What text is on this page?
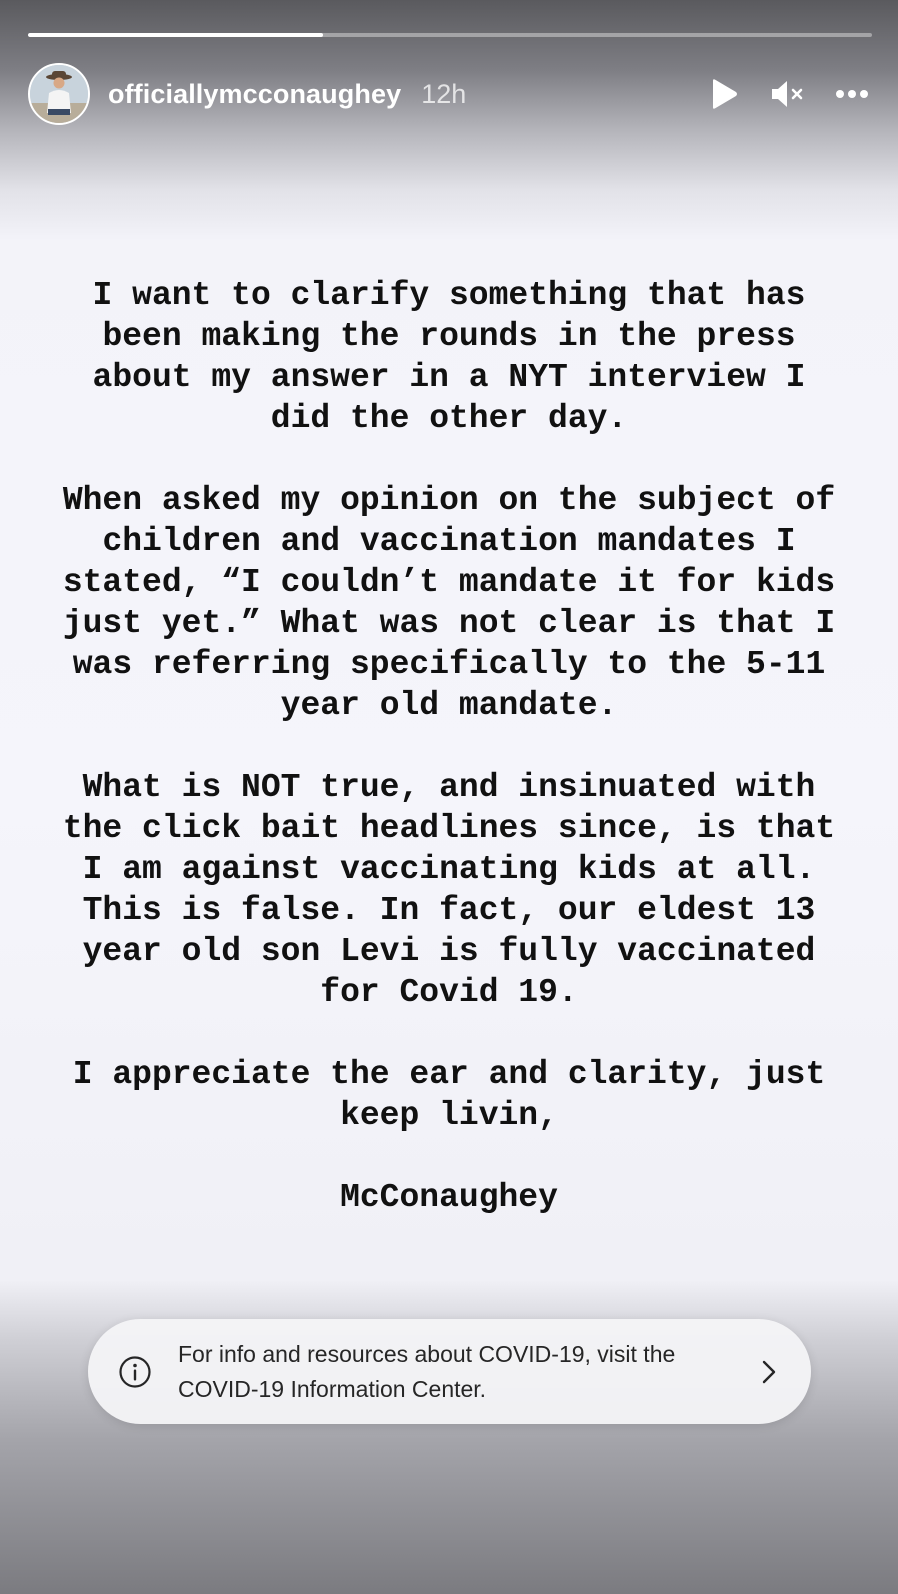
officiallymcconaughey 12h

I want to clarify something that has been making the rounds in the press about my answer in a NYT interview I did the other day.

When asked my opinion on the subject of children and vaccination mandates I stated, “I couldn’t mandate it for kids just yet.” What was not clear is that I was referring specifically to the 5-11 year old mandate.

What is NOT true, and insinuated with the click bait headlines since, is that I am against vaccinating kids at all. This is false. In fact, our eldest 13 year old son Levi is fully vaccinated for Covid 19.

I appreciate the ear and clarity, just keep livin,

McConaughey

For info and resources about COVID-19, visit the COVID-19 Information Center.
